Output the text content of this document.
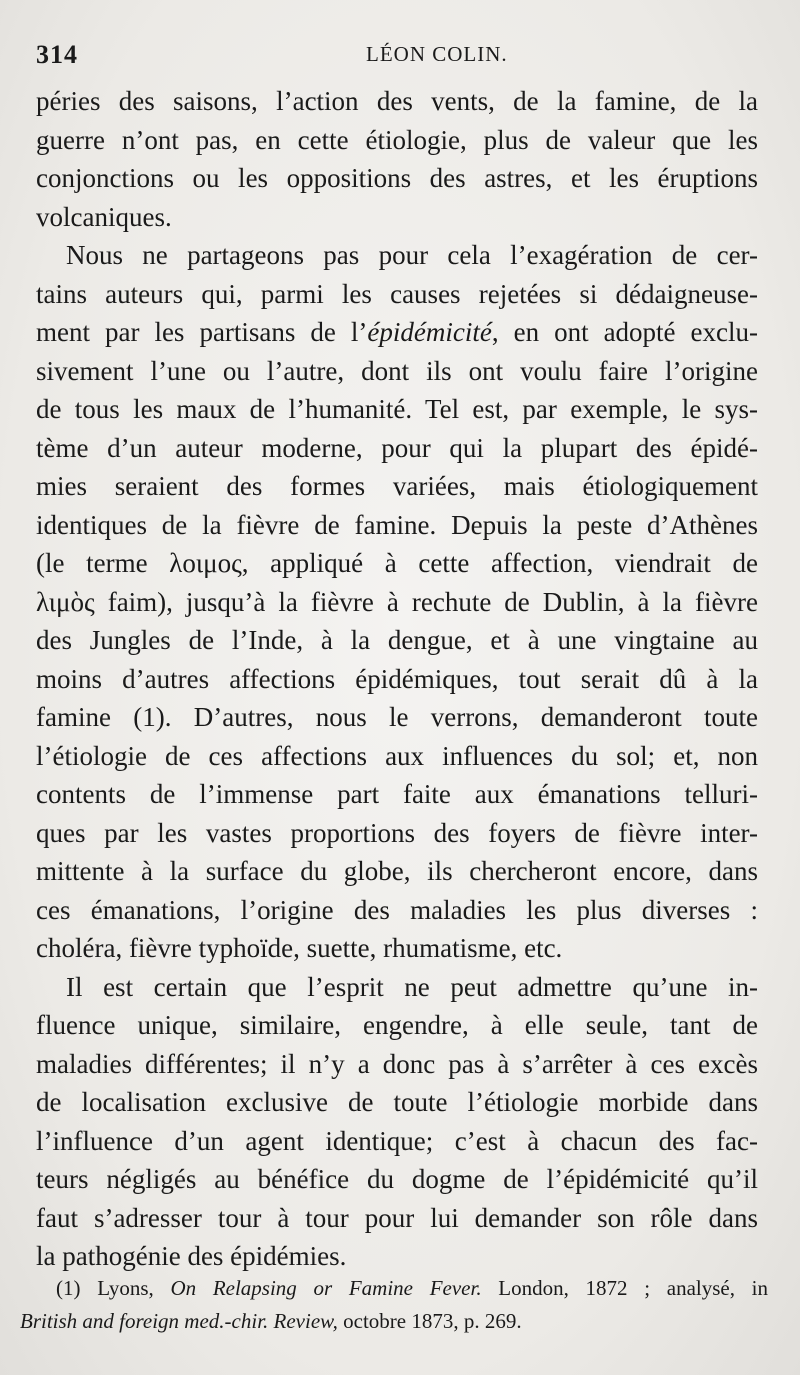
314	LÉON COLIN.
péries des saisons, l’action des vents, de la famine, de la
guerre n’ont pas, en cette étiologie, plus de valeur que les
conjonctions ou les oppositions des astres, et les éruptions
volcaniques.
Nous ne partageons pas pour cela l’exagération de cer-
tains auteurs qui, parmi les causes rejetées si dédaigneuse-
ment par les partisans de l’épidémicité, en ont adopté exclu-
sivement l’une ou l’autre, dont ils ont voulu faire l’origine
de tous les maux de l’humanité. Tel est, par exemple, le sys-
tème d’un auteur moderne, pour qui la plupart des épidé-
mies seraient des formes variées, mais étiologiquement
identiques de la fièvre de famine. Depuis la peste d’Athènes
(le terme λοιμος, appliqué à cette affection, viendrait de
λιμὸς faim), jusqu’à la fièvre à rechute de Dublin, à la fièvre
des Jungles de l’Inde, à la dengue, et à une vingtaine au
moins d’autres affections épidémiques, tout serait dû à la
famine (1). D’autres, nous le verrons, demanderont toute
l’étiologie de ces affections aux influences du sol; et, non
contents de l’immense part faite aux émanations telluri-
ques par les vastes proportions des foyers de fièvre inter-
mittente à la surface du globe, ils chercheront encore, dans
ces émanations, l’origine des maladies les plus diverses :
choléra, fièvre typhoïde, suette, rhumatisme, etc.
Il est certain que l’esprit ne peut admettre qu’une in-
fluence unique, similaire, engendre, à elle seule, tant de
maladies différentes; il n’y a donc pas à s’arrêter à ces excès
de localisation exclusive de toute l’étiologie morbide dans
l’influence d’un agent identique; c’est à chacun des fac-
teurs négligés au bénéfice du dogme de l’épidémicité qu’il
faut s’adresser tour à tour pour lui demander son rôle dans
la pathogénie des épidémies.
(1) Lyons, On Relapsing or Famine Fever. London, 1872 ; analysé, in
British and foreign med.-chir. Review, octobre 1873, p. 269.
